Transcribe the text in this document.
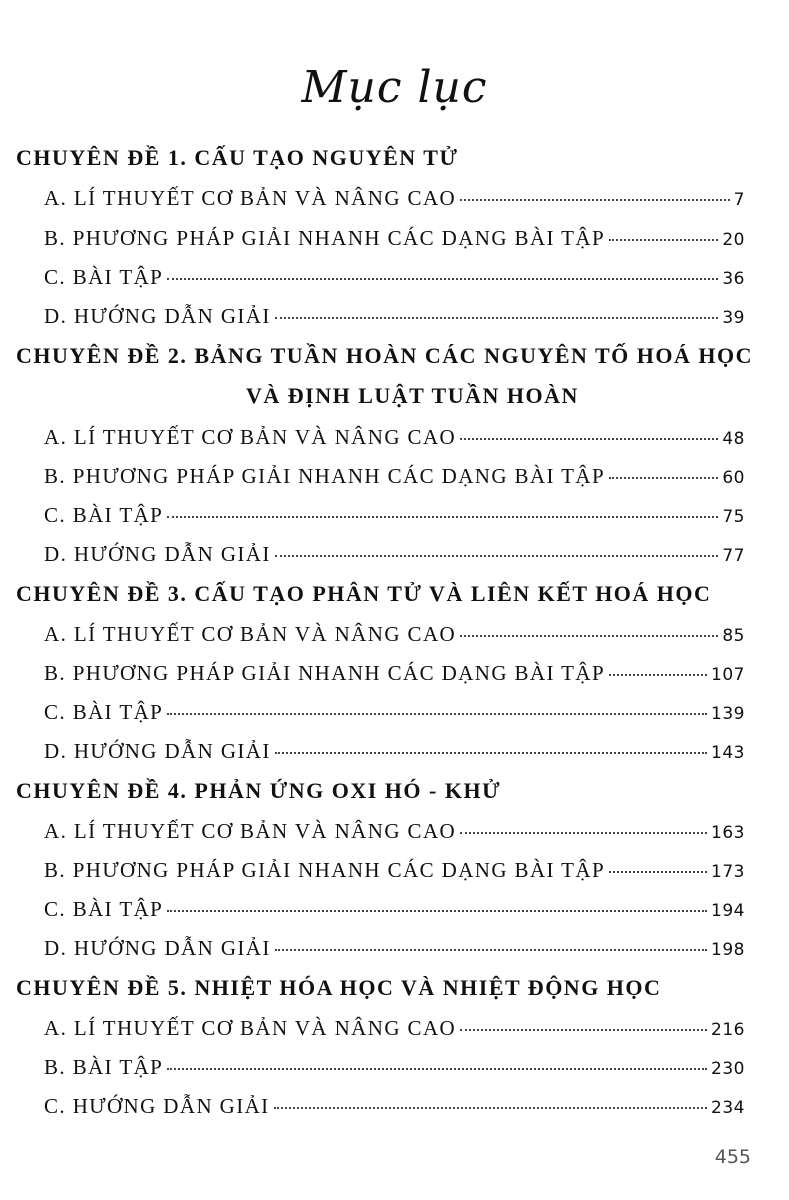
Mục lục
CHUYÊN ĐỀ 1. CẤU TẠO NGUYÊN TỬ
A. LÍ THUYẾT CƠ BẢN VÀ NÂNG CAO	7
B. PHƯƠNG PHÁP GIẢI NHANH CÁC DẠNG BÀI TẬP	20
C. BÀI TẬP	36
D. HƯỚNG DẪN GIẢI	39
CHUYÊN ĐỀ 2. BẢNG TUẦN HOÀN CÁC NGUYÊN TỐ HOÁ HỌC
VÀ ĐỊNH LUẬT TUẦN HOÀN
A. LÍ THUYẾT CƠ BẢN VÀ NÂNG CAO	48
B. PHƯƠNG PHÁP GIẢI NHANH CÁC DẠNG BÀI TẬP	60
C. BÀI TẬP	75
D. HƯỚNG DẪN GIẢI	77
CHUYÊN ĐỀ 3. CẤU TẠO PHÂN TỬ VÀ LIÊN KẾT HOÁ HỌC
A. LÍ THUYẾT CƠ BẢN VÀ NÂNG CAO	85
B. PHƯƠNG PHÁP GIẢI NHANH CÁC DẠNG BÀI TẬP	107
C. BÀI TẬP	139
D. HƯỚNG DẪN GIẢI	143
CHUYÊN ĐỀ 4. PHẢN ỨNG OXI HÓ - KHỬ
A. LÍ THUYẾT CƠ BẢN VÀ NÂNG CAO	163
B. PHƯƠNG PHÁP GIẢI NHANH CÁC DẠNG BÀI TẬP	173
C. BÀI TẬP	194
D. HƯỚNG DẪN GIẢI	198
CHUYÊN ĐỀ 5. NHIỆT HÓA HỌC VÀ NHIỆT ĐỘNG HỌC
A. LÍ THUYẾT CƠ BẢN VÀ NÂNG CAO	216
B. BÀI TẬP	230
C. HƯỚNG DẪN GIẢI	234
455
